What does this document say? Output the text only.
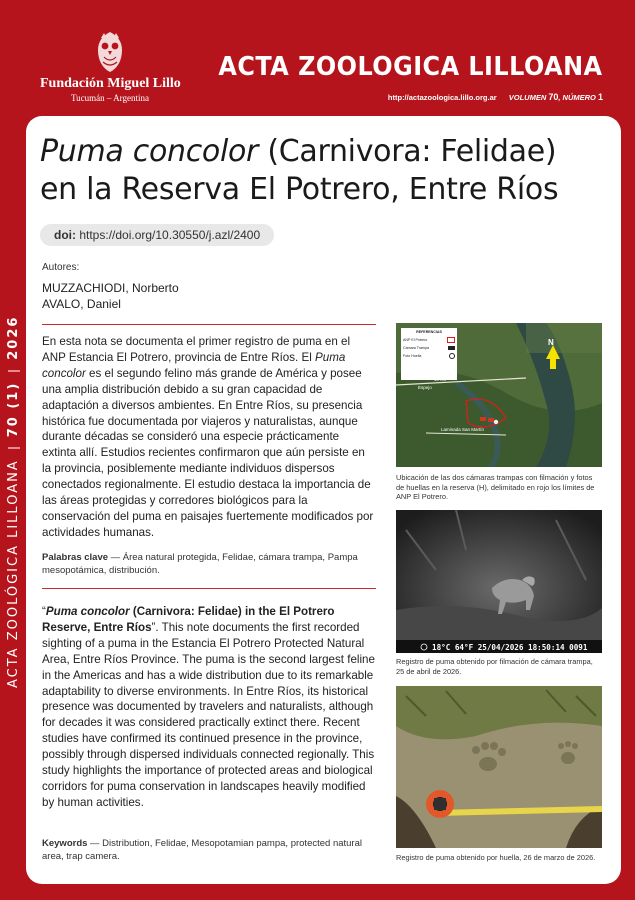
Fundación Miguel Lillo
Tucumán – Argentina
ACTA ZOOLOGICA LILLOANA
http://actazoologica.lillo.org.ar VOLUMEN 70, NÚMERO 1
ACTA ZOOLÓGICA LILLOANA70 (1)2026
Puma concolor (Carnivora: Felidae)
en la Reserva El Potrero, Entre Ríos
doi: https://doi.org/10.30550/j.azl/2400
Autores:
MUZZACHIODI, Norberto
AVALO, Daniel
En esta nota se documenta el primer registro de puma en el ANP Estancia El Potrero, provincia de Entre Ríos. El Puma concolor es el segundo felino más grande de América y posee una amplia distribución debido a su gran capacidad de adaptación a diversos ambientes. En Entre Ríos, su presencia histórica fue documentada por viajeros y naturalistas, aunque durante décadas se consideró una especie prácticamente extinta allí. Estudios recientes confirmaron que aún persiste en la provincia, posiblemente mediante individuos dispersos conectados regionalmente. El estudio destaca la importancia de las áreas protegidas y corredores biológicos para la conservación del puma en paisajes fuertemente modificados por actividades humanas.
Palabras clave — Área natural protegida, Felidae, cámara trampa, Pampa mesopotámica, distribución.
“Puma concolor (Carnivora: Felidae) in the El Potrero Reserve, Entre Ríos”. This note documents the first recorded sighting of a puma in the Estancia El Potrero Protected Natural Area, Entre Ríos Province. The puma is the second largest feline in the Americas and has a wide distribution due to its remarkable adaptability to diverse environments. In Entre Ríos, its historical presence was documented by travelers and naturalists, although for decades it was considered practically extinct there. Recent studies have confirmed its continued presence in the province, possibly through dispersed individuals connected regionally. This study highlights the importance of protected areas and biological corridors for puma conservation in landscapes heavily modified by human activities.
Keywords — Distribution, Felidae, Mesopotamian pampa, protected natural area, trap camera.
N
Espejo
Laminada San Martín
REFERENCIAS
ANP El Potrero
Cámara Trampa
Foto Huella
Ubicación de las dos cámaras trampas con filmación y fotos de huellas en la reserva (H), delimitado en rojo los límites de ANP El Potrero.
18°C 64°F 25/04/2026 18:50:14 0091
Registro de puma obtenido por filmación de cámara trampa, 25 de abril de 2026.
Registro de puma obtenido por huella, 26 de marzo de 2026.
